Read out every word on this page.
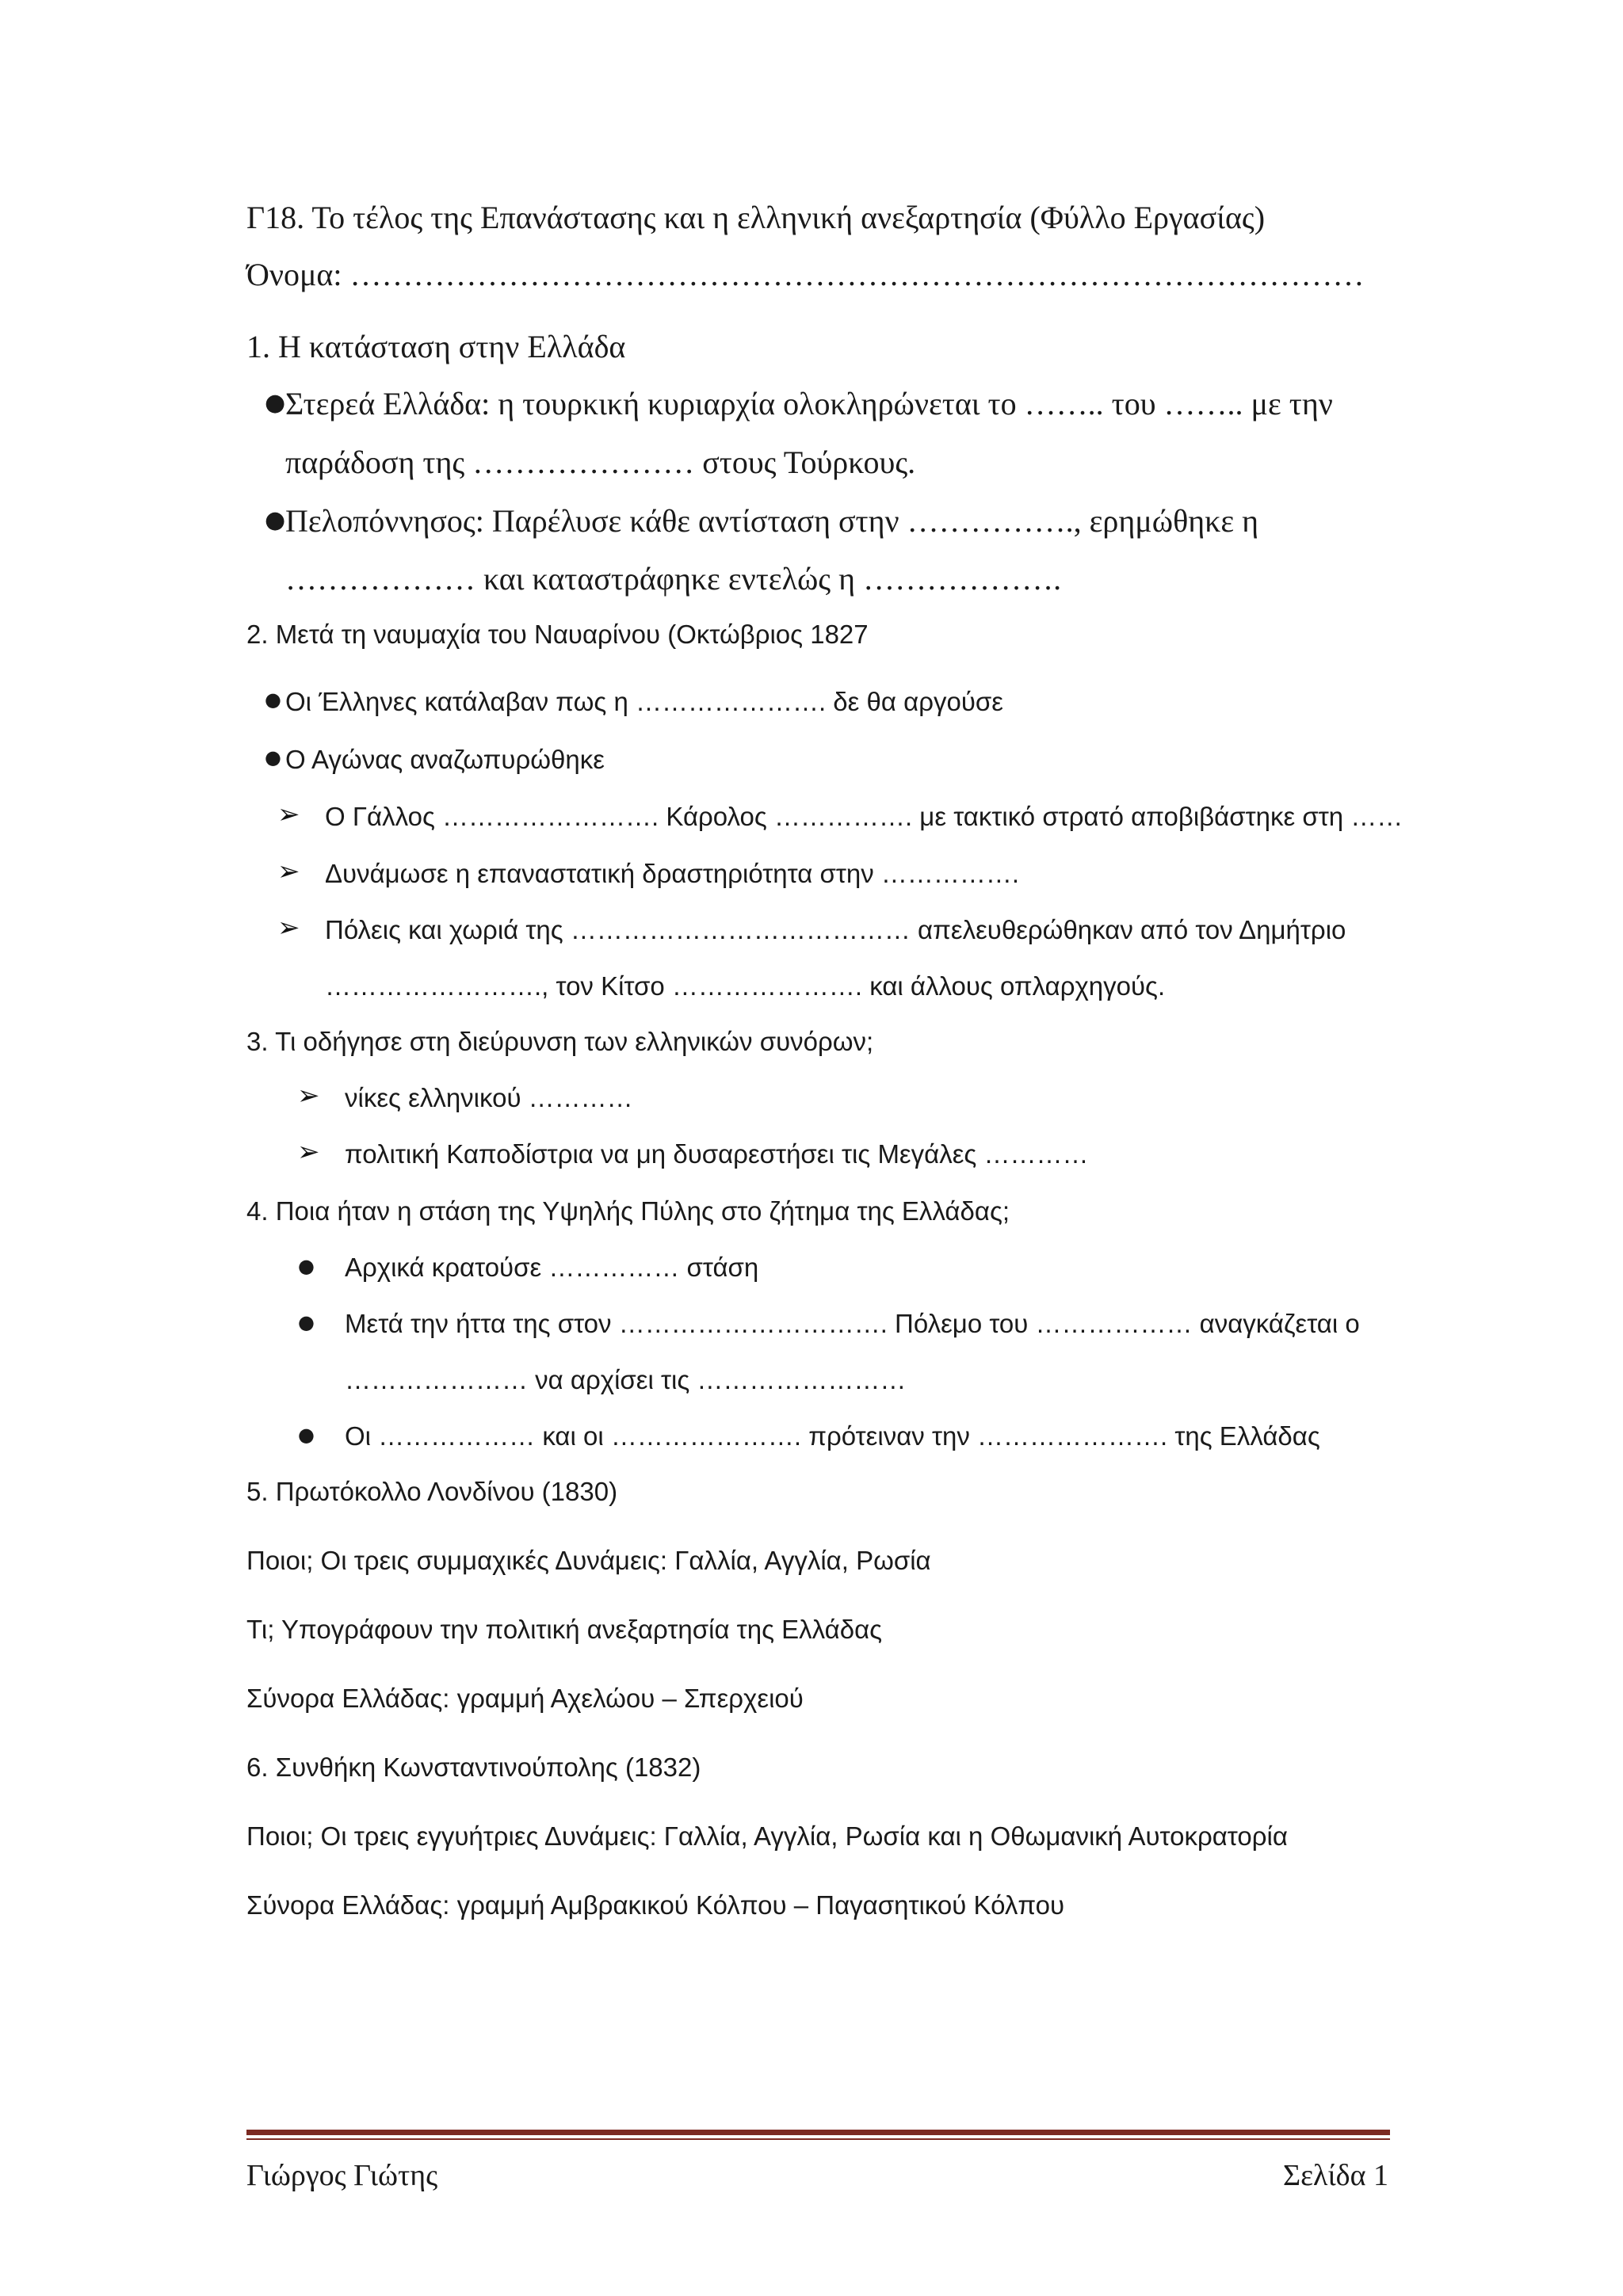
Γ18. Το τέλος της Επανάστασης και η ελληνική ανεξαρτησία (Φύλλο Εργασίας)
Όνομα: ……………………………………………………………………………………
1. Η κατάσταση στην Ελλάδα
● Στερεά Ελλάδα: η τουρκική κυριαρχία ολοκληρώνεται το …….. του …….. με την
παράδοση της ………………… στους Τούρκους.
● Πελοπόννησος: Παρέλυσε κάθε αντίσταση στην ……………., ερημώθηκε η
……………… και καταστράφηκε εντελώς η ……………….
2. Μετά τη ναυμαχία του Ναυαρίνου (Οκτώβριος 1827
● Οι Έλληνες κατάλαβαν πως η …………………. δε θα αργούσε
● Ο Αγώνας αναζωπυρώθηκε
➢ Ο Γάλλος ……………………. Κάρολος ……………. με τακτικό στρατό αποβιβάστηκε στη ……
➢ Δυνάμωσε η επαναστατική δραστηριότητα στην …………….
➢ Πόλεις και χωριά της ………………………………… απελευθερώθηκαν από τον Δημήτριο
……………………., τον Κίτσο …………………. και άλλους οπλαρχηγούς.
3. Τι οδήγησε στη διεύρυνση των ελληνικών συνόρων;
➢ νίκες ελληνικού …………
➢ πολιτική Καποδίστρια να μη δυσαρεστήσει τις Μεγάλες …………
4. Ποια ήταν η στάση της Υψηλής Πύλης στο ζήτημα της Ελλάδας;
● Αρχικά κρατούσε …………… στάση
● Μετά την ήττα της στον …………………………. Πόλεμο του ……………… αναγκάζεται ο
………………… να αρχίσει τις ……………………
● Οι ……………… και οι …………………. πρότειναν την …………………. της Ελλάδας
5. Πρωτόκολλο Λονδίνου (1830)
Ποιοι; Οι τρεις συμμαχικές Δυνάμεις: Γαλλία, Αγγλία, Ρωσία
Τι; Υπογράφουν την πολιτική ανεξαρτησία της Ελλάδας
Σύνορα Ελλάδας: γραμμή Αχελώου – Σπερχειού
6. Συνθήκη Κωνσταντινούπολης (1832)
Ποιοι; Οι τρεις εγγυήτριες Δυνάμεις: Γαλλία, Αγγλία, Ρωσία και η Οθωμανική Αυτοκρατορία
Σύνορα Ελλάδας: γραμμή Αμβρακικού Κόλπου – Παγασητικού Κόλπου
Γιώργος Γιώτης	Σελίδα 1
